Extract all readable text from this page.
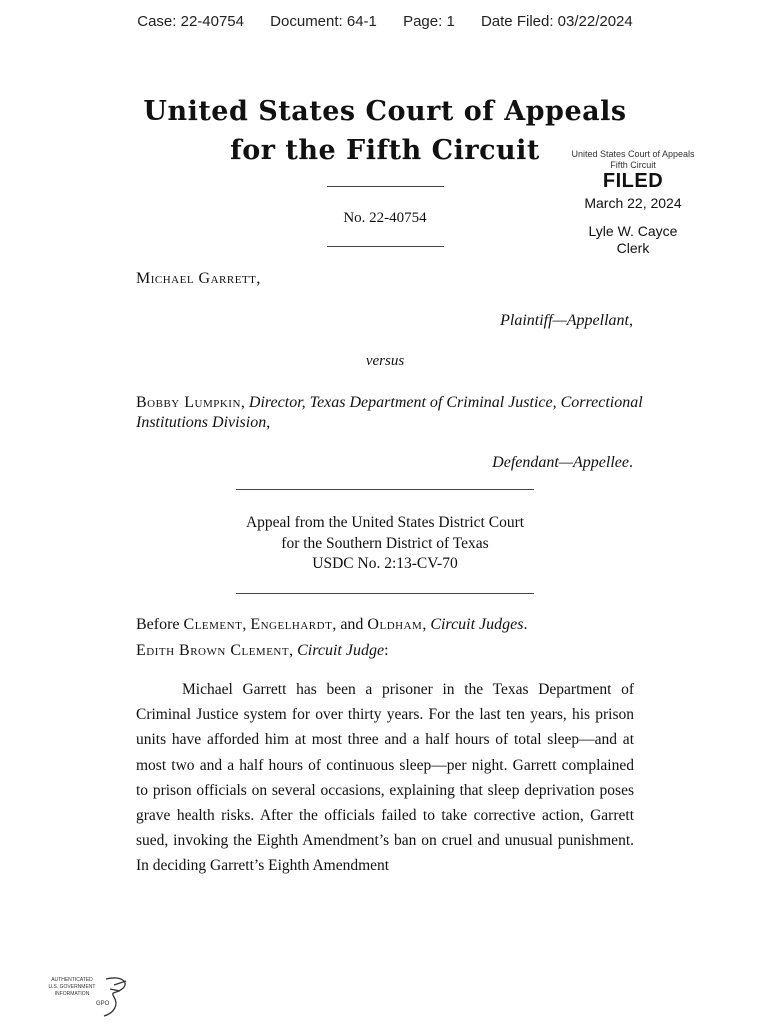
Case: 22-40754 Document: 64-1 Page: 1 Date Filed: 03/22/2024
United States Court of Appeals
for the Fifth Circuit	United States Court of Appeals
Fifth Circuit
FILED
March 22, 2024
Lyle W. Cayce
Clerk
No. 22-40754
Michael Garrett,
Plaintiff—Appellant,
versus
Bobby Lumpkin, Director, Texas Department of Criminal Justice, Correctional Institutions Division,
Defendant—Appellee.
Appeal from the United States District Court
for the Southern District of Texas
USDC No. 2:13-CV-70
Before Clement, Engelhardt, and Oldham, Circuit Judges.
Edith Brown Clement, Circuit Judge:

Michael Garrett has been a prisoner in the Texas Department of Criminal Justice system for over thirty years. For the last ten years, his prison units have afforded him at most three and a half hours of total sleep—and at most two and a half hours of continuous sleep—per night. Garrett complained to prison officials on several occasions, explaining that sleep deprivation poses grave health risks. After the officials failed to take corrective action, Garrett sued, invoking the Eighth Amendment’s ban on cruel and unusual punishment. In deciding Garrett’s Eighth Amendment

AUTHENTICATED
U.S. GOVERNMENT
INFORMATION
GPO
